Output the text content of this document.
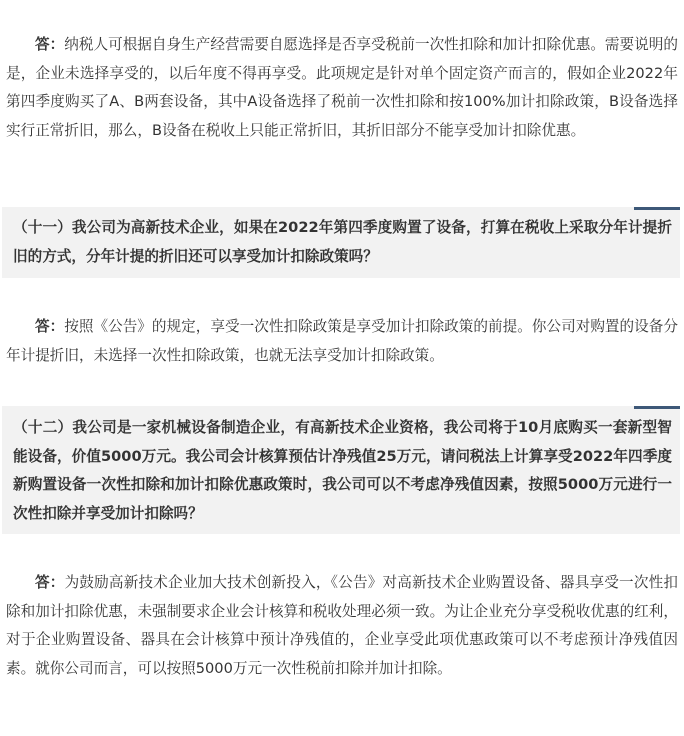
答：纳税人可根据自身生产经营需要自愿选择是否享受税前一次性扣除和加计扣除优惠。需要说明的是，企业未选择享受的，以后年度不得再享受。此项规定是针对单个固定资产而言的，假如企业2022年第四季度购买了A、B两套设备，其中A设备选择了税前一次性扣除和按100%加计扣除政策，B设备选择实行正常折旧，那么，B设备在税收上只能正常折旧，其折旧部分不能享受加计扣除优惠。

（十一）我公司为高新技术企业，如果在2022年第四季度购置了设备，打算在税收上采取分年计提折旧的方式，分年计提的折旧还可以享受加计扣除政策吗？

答：按照《公告》的规定，享受一次性扣除政策是享受加计扣除政策的前提。你公司对购置的设备分年计提折旧，未选择一次性扣除政策，也就无法享受加计扣除政策。

（十二）我公司是一家机械设备制造企业，有高新技术企业资格，我公司将于10月底购买一套新型智能设备，价值5000万元。我公司会计核算预估计净残值25万元，请问税法上计算享受2022年四季度新购置设备一次性扣除和加计扣除优惠政策时，我公司可以不考虑净残值因素，按照5000万元进行一次性扣除并享受加计扣除吗？

答：为鼓励高新技术企业加大技术创新投入，《公告》对高新技术企业购置设备、器具享受一次性扣除和加计扣除优惠，未强制要求企业会计核算和税收处理必须一致。为让企业充分享受税收优惠的红利，对于企业购置设备、器具在会计核算中预计净残值的，企业享受此项优惠政策可以不考虑预计净残值因素。就你公司而言，可以按照5000万元一次性税前扣除并加计扣除。
